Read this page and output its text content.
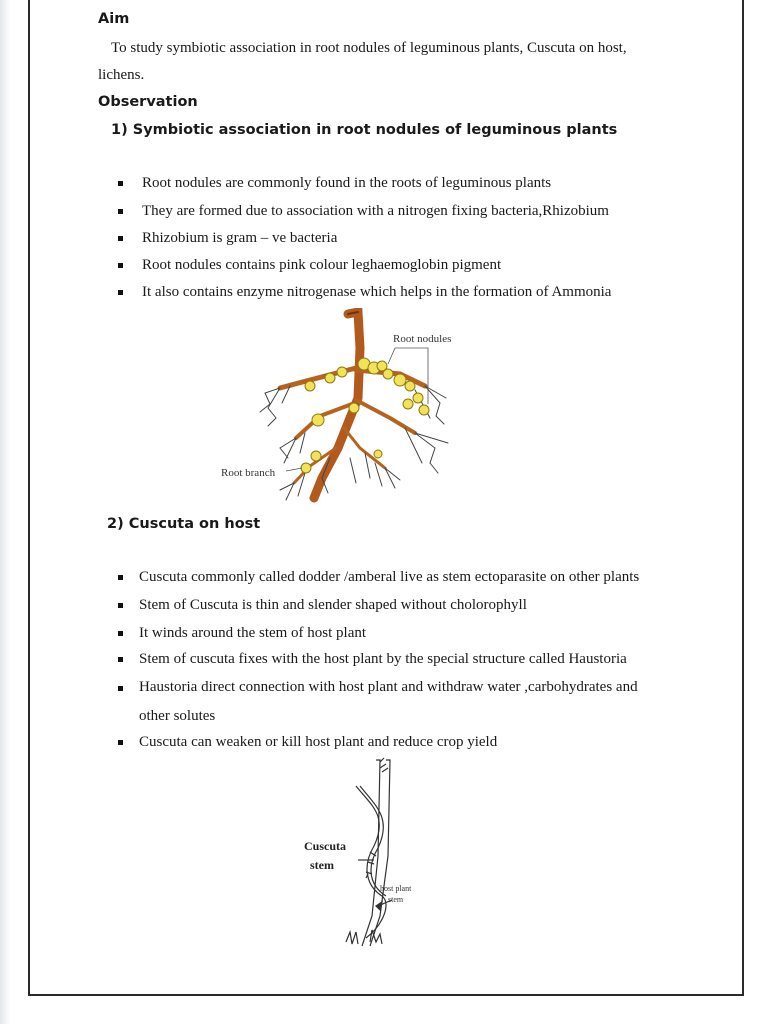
Aim
To study symbiotic association in root nodules of leguminous plants, Cuscuta on host,
lichens.
Observation
1) Symbiotic association in root nodules of leguminous plants
Root nodules are commonly found in the roots of leguminous plants
They are formed due to association with a nitrogen fixing bacteria,Rhizobium
Rhizobium is gram – ve bacteria
Root nodules contains pink colour leghaemoglobin pigment
It also contains enzyme nitrogenase which helps in the formation of Ammonia
Root nodules
Root branch
2) Cuscuta on host
Cuscuta commonly called dodder /amberal live as stem ectoparasite on other plants
Stem of Cuscuta is thin and slender shaped without cholorophyll
It winds around the stem of host plant
Stem of cuscuta fixes with the host plant by the special structure called Haustoria
Haustoria direct connection with host plant and withdraw water ,carbohydrates and
other solutes
Cuscuta can weaken or kill host plant and reduce crop yield
Cuscuta
stem
host plant
stem
